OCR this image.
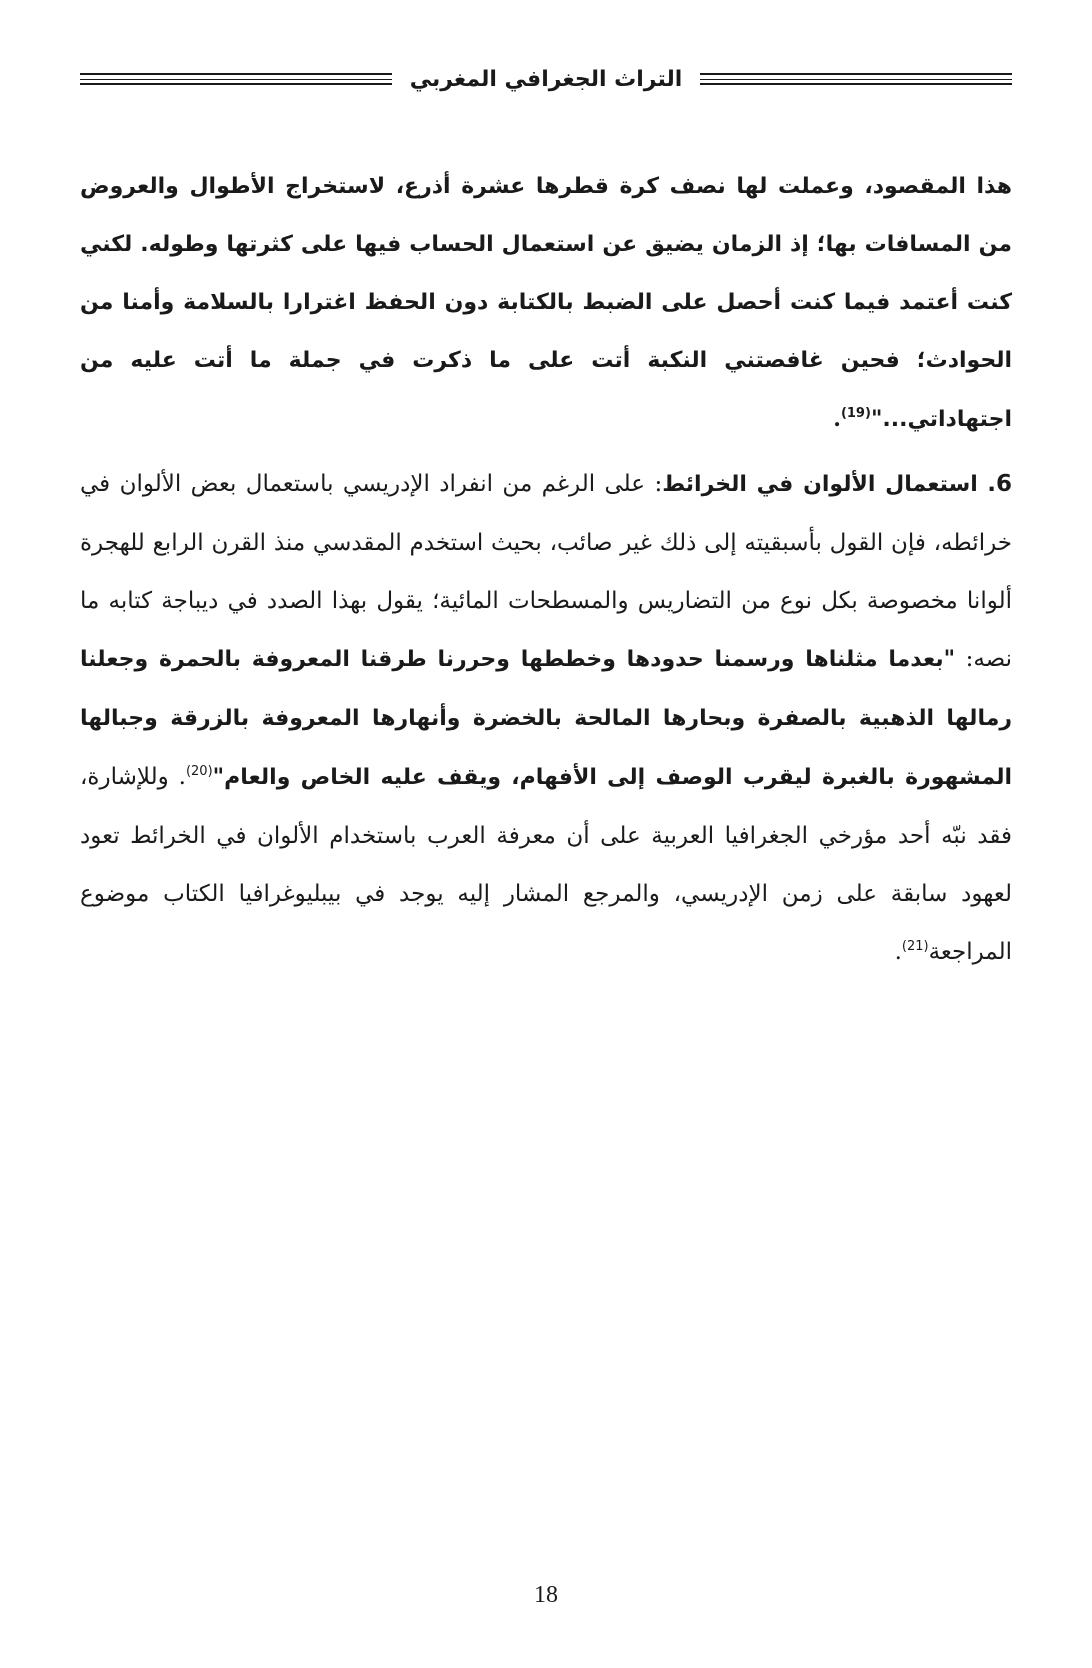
التراث الجغرافي المغربي

هذا المقصود، وعملت لها نصف كرة قطرها عشرة أذرع، لاستخراج الأطوال والعروض من المسافات بها؛ إذ الزمان يضيق عن استعمال الحساب فيها على كثرتها وطوله. لكني كنت أعتمد فيما كنت أحصل على الضبط بالكتابة دون الحفظ اغترارا بالسلامة وأمنا من الحوادث؛ فحين غافصتني النكبة أتت على ما ذكرت في جملة ما أتت عليه من اجتهاداتي..."$^{(19)}$.

6. استعمال الألوان في الخرائط: على الرغم من انفراد الإدريسي باستعمال بعض الألوان في خرائطه، فإن القول بأسبقيته إلى ذلك غير صائب، بحيث استخدم المقدسي منذ القرن الرابع للهجرة ألوانا مخصوصة بكل نوع من التضاريس والمسطحات المائية؛ يقول بهذا الصدد في ديباجة كتابه ما نصه: "بعدما مثلناها ورسمنا حدودها وخططها وحررنا طرقنا المعروفة بالحمرة وجعلنا رمالها الذهبية بالصفرة وبحارها المالحة بالخضرة وأنهارها المعروفة بالزرقة وجبالها المشهورة بالغبرة ليقرب الوصف إلى الأفهام، ويقف عليه الخاص والعام"$^{(20)}$. وللإشارة، فقد نبّه أحد مؤرخي الجغرافيا العربية على أن معرفة العرب باستخدام الألوان في الخرائط تعود لعهود سابقة على زمن الإدريسي، والمرجع المشار إليه يوجد في بيبليوغرافيا الكتاب موضوع المراجعة$^{(21)}$.

18
